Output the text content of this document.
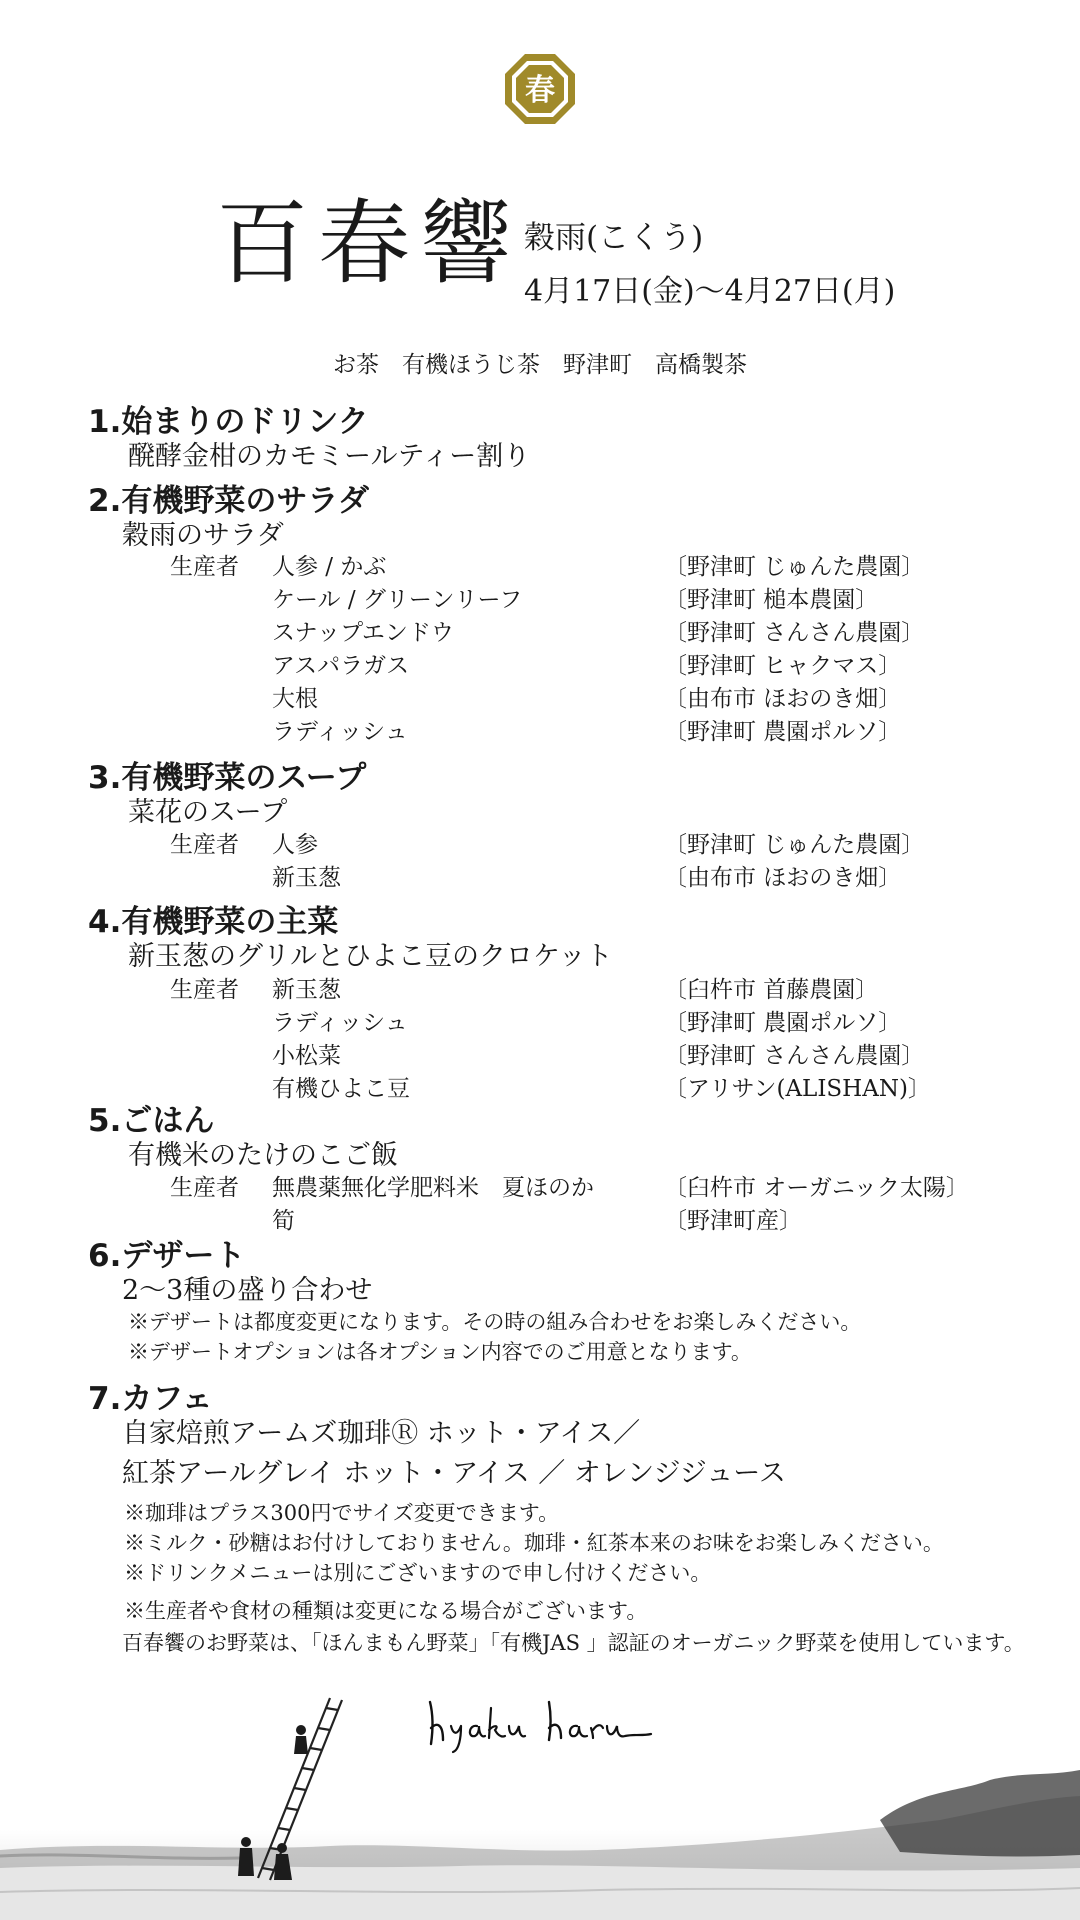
春
百春響 穀雨(こくう)
4月17日(金)〜4月27日(月)
お茶　有機ほうじ茶　野津町　高橋製茶
1.始まりのドリンク
醗酵金柑のカモミールティー割り
2.有機野菜のサラダ
穀雨のサラダ
生産者 人参 / かぶ	〔野津町 じゅんた農園〕
ケール / グリーンリーフ	〔野津町 槌本農園〕
スナップエンドウ	〔野津町 さんさん農園〕
アスパラガス	〔野津町 ヒャクマス〕
大根	〔由布市 ほおのき畑〕
ラディッシュ	〔野津町 農園ポルソ〕
3.有機野菜のスープ
菜花のスープ
生産者 人参	〔野津町 じゅんた農園〕
新玉葱	〔由布市 ほおのき畑〕
4.有機野菜の主菜
新玉葱のグリルとひよこ豆のクロケット
生産者 新玉葱	〔臼杵市 首藤農園〕
ラディッシュ	〔野津町 農園ポルソ〕
小松菜	〔野津町 さんさん農園〕
有機ひよこ豆	〔アリサン(ALISHAN)〕
5.ごはん
有機米のたけのこご飯
生産者 無農薬無化学肥料米　夏ほのか	〔臼杵市 オーガニック太陽〕
筍	〔野津町産〕
6.デザート
2〜3種の盛り合わせ
※デザートは都度変更になります。その時の組み合わせをお楽しみください。
※デザートオプションは各オプション内容でのご用意となります。
7.カフェ
自家焙煎アームズ珈琲Ⓡ ホット・アイス／
紅茶アールグレイ ホット・アイス ／ オレンジジュース
※珈琲はプラス300円でサイズ変更できます。
※ミルク・砂糖はお付けしておりません。珈琲・紅茶本来のお味をお楽しみください。
※ドリンクメニューは別にございますので申し付けください。
※生産者や食材の種類は変更になる場合がございます。
百春饗のお野菜は、「ほんまもん野菜」「有機JAS 」認証のオーガニック野菜を使用しています。
